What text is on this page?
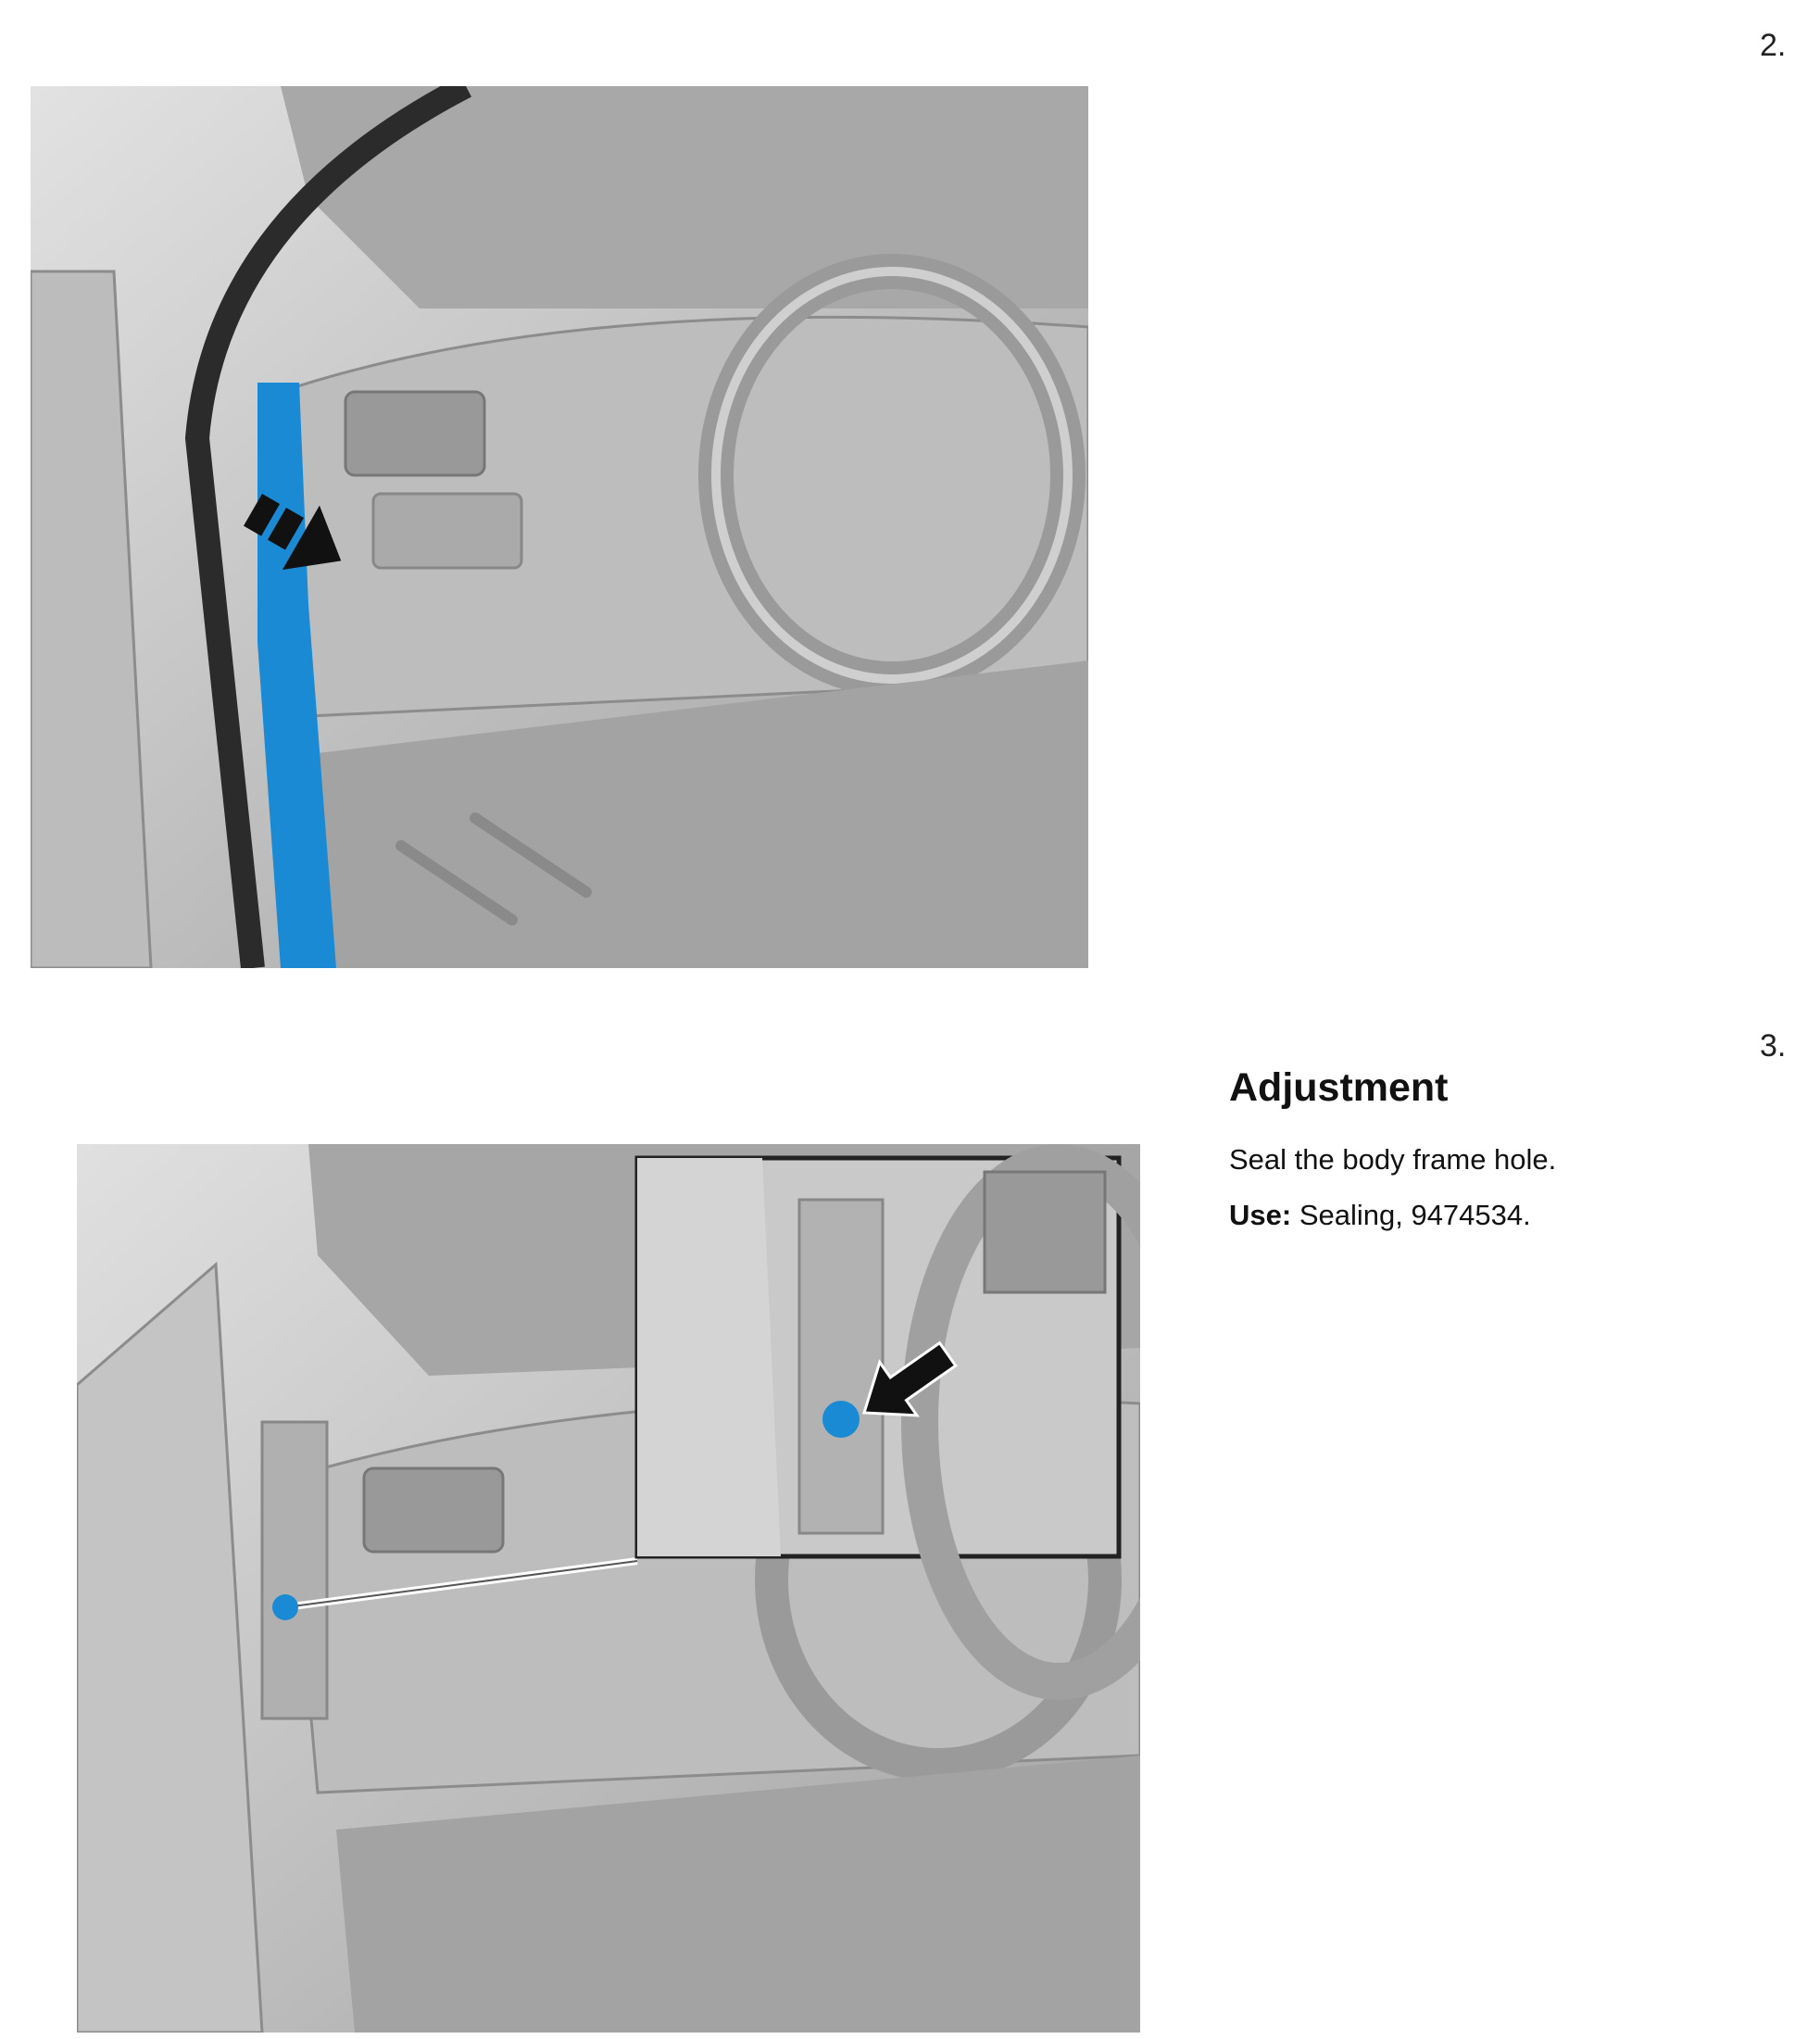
2.
3.
Adjustment
Seal the body frame hole.
Use: Sealing, 9474534.
